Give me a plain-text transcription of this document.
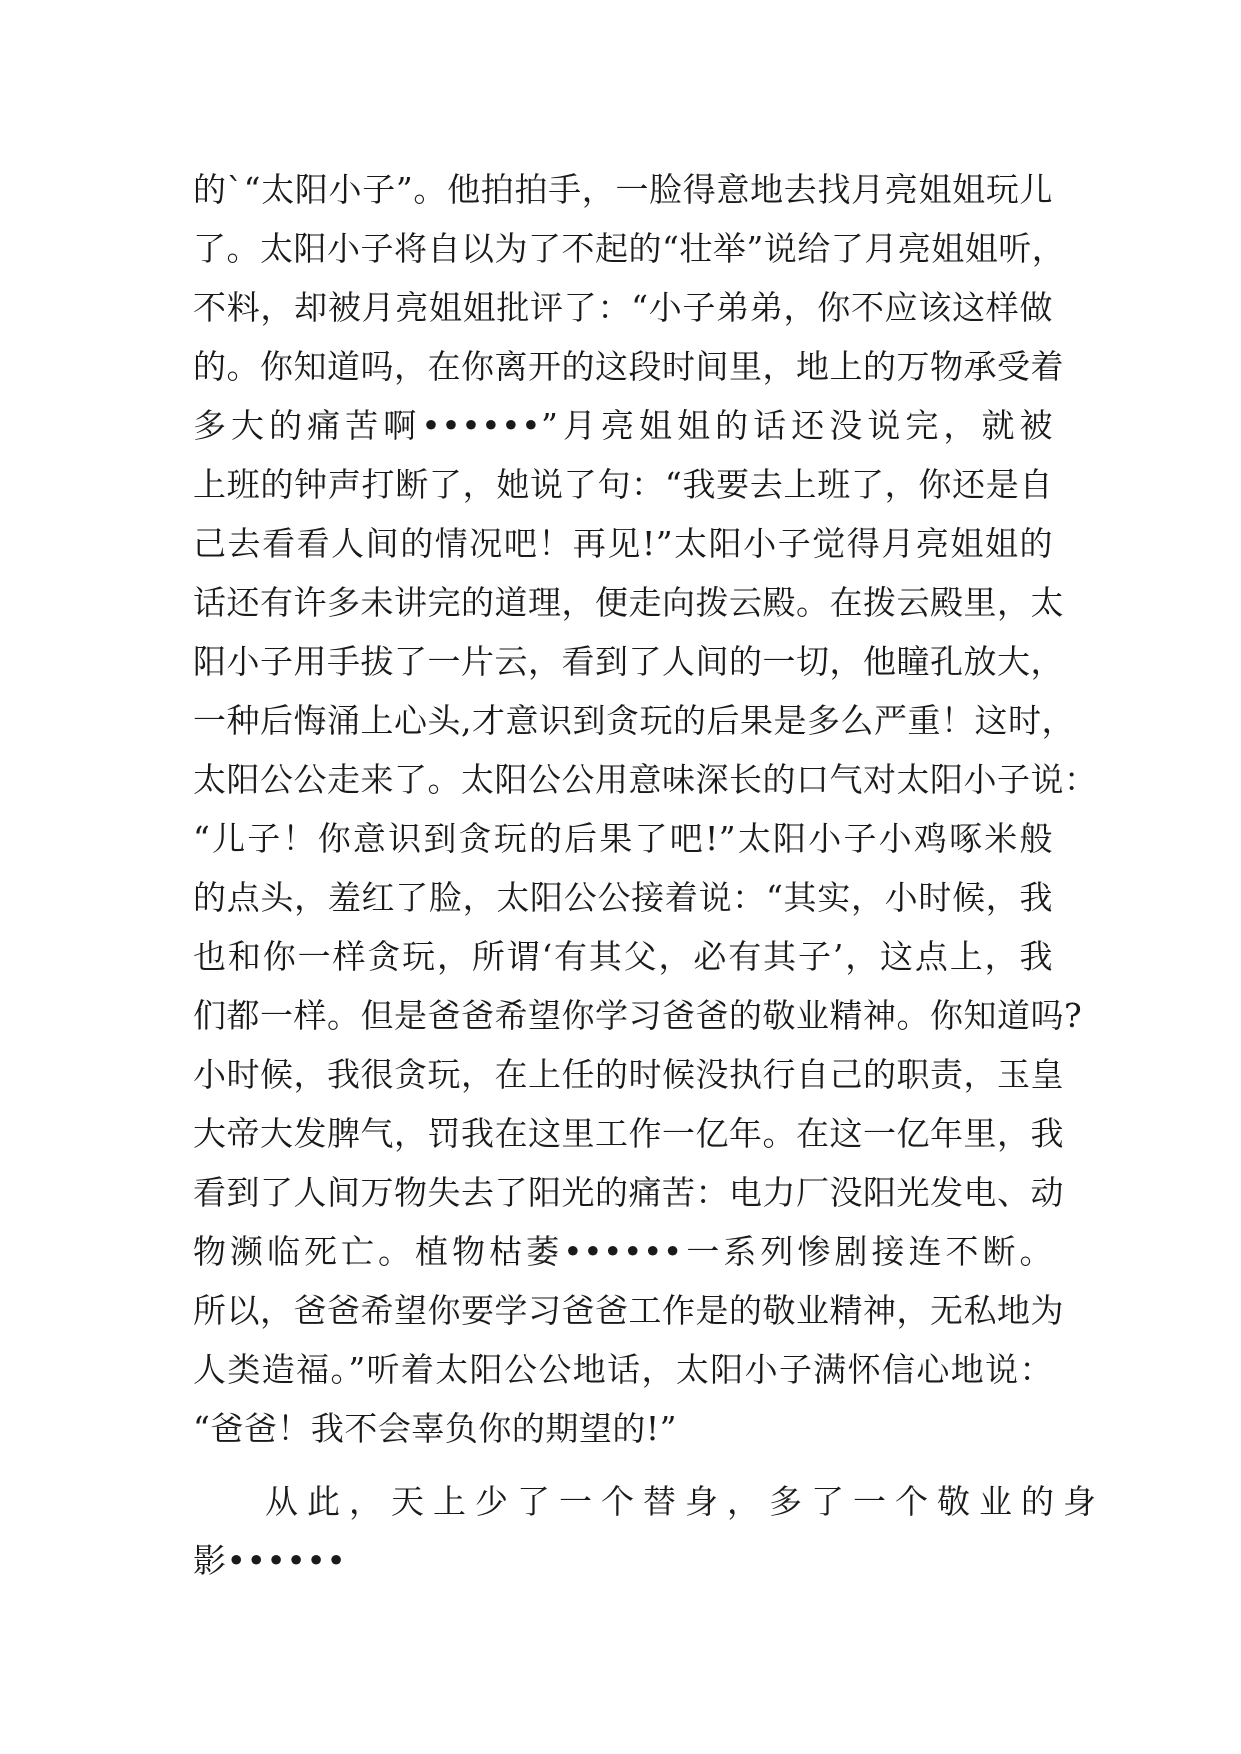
的`“太阳小子”。他拍拍手，一脸得意地去找月亮姐姐玩儿
了。太阳小子将自以为了不起的“壮举”说给了月亮姐姐听，
不料，却被月亮姐姐批评了：“小子弟弟，你不应该这样做
的。你知道吗，在你离开的这段时间里，地上的万物承受着
多大的痛苦啊••••••”月亮姐姐的话还没说完，就被
上班的钟声打断了，她说了句：“我要去上班了，你还是自
己去看看人间的情况吧！再见!”太阳小子觉得月亮姐姐的
话还有许多未讲完的道理，便走向拨云殿。在拨云殿里，太
阳小子用手拔了一片云，看到了人间的一切，他瞳孔放大，
一种后悔涌上心头,才意识到贪玩的后果是多么严重！这时，
太阳公公走来了。太阳公公用意味深长的口气对太阳小子说：
“儿子！你意识到贪玩的后果了吧!”太阳小子小鸡啄米般
的点头，羞红了脸，太阳公公接着说：“其实，小时候，我
也和你一样贪玩，所谓‘有其父，必有其子’，这点上，我
们都一样。但是爸爸希望你学习爸爸的敬业精神。你知道吗?
小时候，我很贪玩，在上任的时候没执行自己的职责，玉皇
大帝大发脾气，罚我在这里工作一亿年。在这一亿年里，我
看到了人间万物失去了阳光的痛苦：电力厂没阳光发电、动
物濒临死亡。植物枯萎••••••一系列惨剧接连不断。
所以，爸爸希望你要学习爸爸工作是的敬业精神，无私地为
人类造福。”听着太阳公公地话，太阳小子满怀信心地说：
“爸爸！我不会辜负你的期望的!”
从此，天上少了一个替身，多了一个敬业的身
影••••••
